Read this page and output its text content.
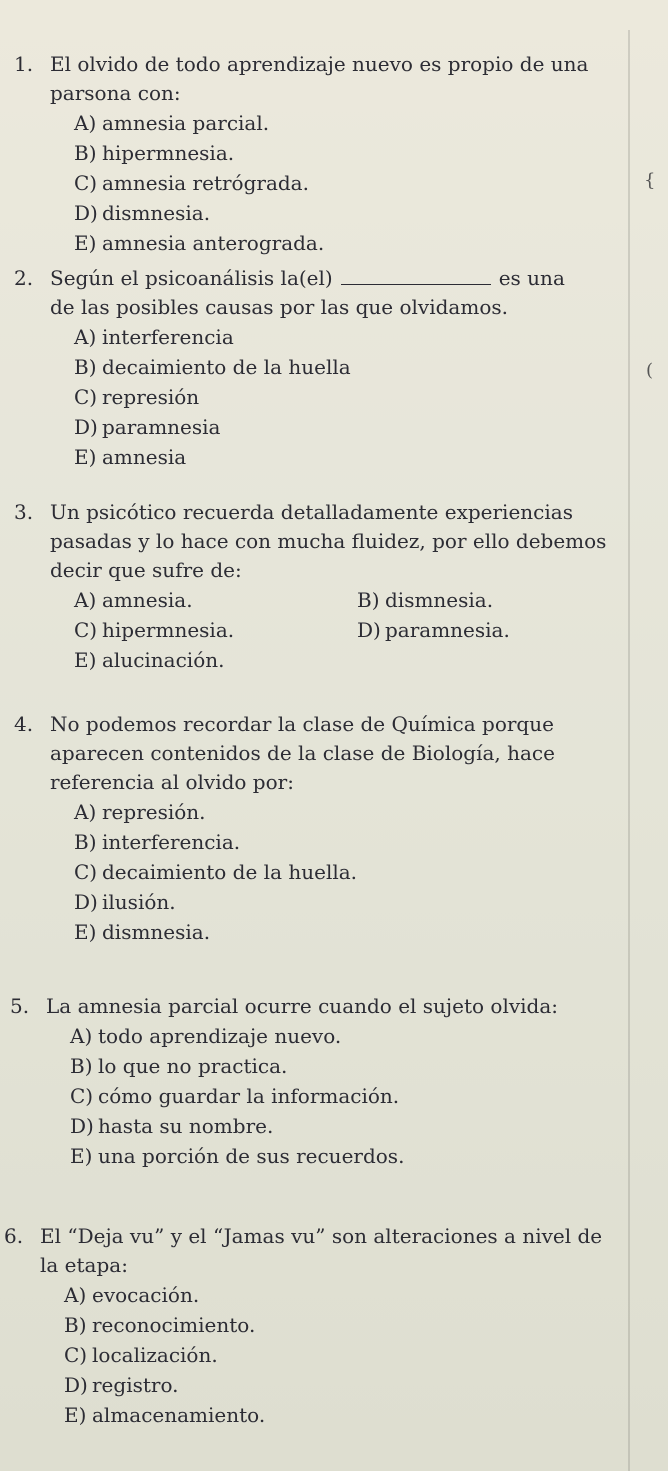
{
(
1. El olvido de todo aprendizaje nuevo es propio de una parsona con:
A) amnesia parcial.
B) hipermnesia.
C) amnesia retrógrada.
D) dismnesia.
E) amnesia anterograda.
2. Según el psicoanálisis la(el)	es una
de las posibles causas por las que olvidamos.
A) interferencia
B) decaimiento de la huella
C) represión
D) paramnesia
E) amnesia
3. Un psicótico recuerda detalladamente experiencias pasadas y lo hace con mucha fluidez, por ello debemos decir que sufre de:
A) amnesia.	B) dismnesia.
C) hipermnesia.	D) paramnesia.
E) alucinación.
4. No podemos recordar la clase de Química porque aparecen contenidos de la clase de Biología, hace referencia al olvido por:
A) represión.
B) interferencia.
C) decaimiento de la huella.
D) ilusión.
E) dismnesia.
5. La amnesia parcial ocurre cuando el sujeto olvida:
A) todo aprendizaje nuevo.
B) lo que no practica.
C) cómo guardar la información.
D) hasta su nombre.
E) una porción de sus recuerdos.
6. El “Deja vu” y el “Jamas vu” son alteraciones a nivel de la etapa:
A) evocación.
B) reconocimiento.
C) localización.
D) registro.
E) almacenamiento.
